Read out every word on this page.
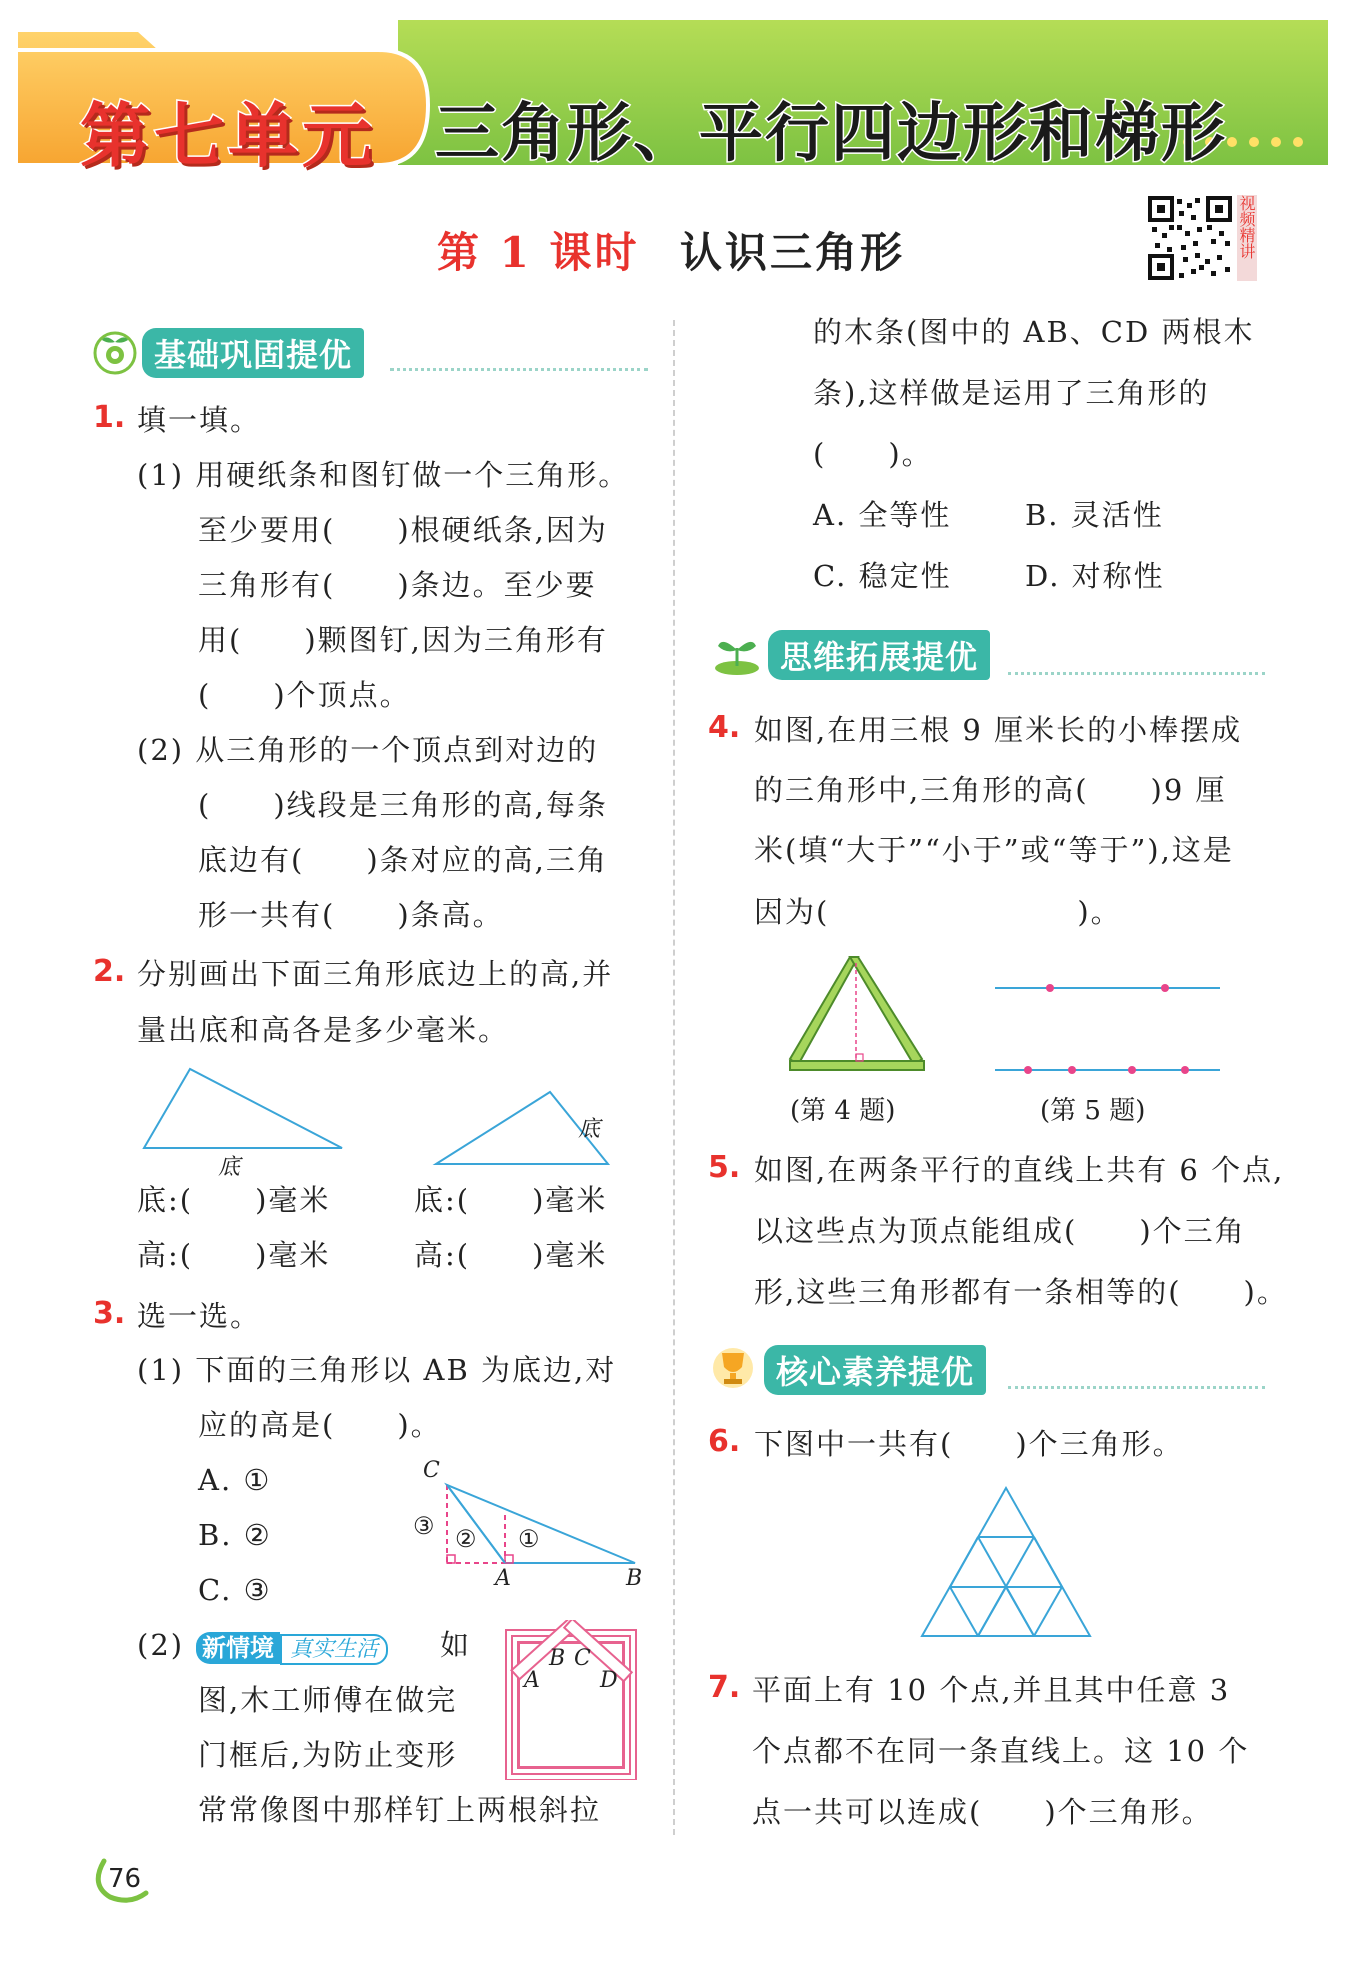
第七单元 三角形、平行四边形和梯形
第 1 课时 认识三角形	视频精讲
基础巩固提优
1. 填一填。
(1) 用硬纸条和图钉做一个三角形。
至少要用(　　)根硬纸条,因为
三角形有(　　)条边。至少要
用(　　)颗图钉,因为三角形有
(　　)个顶点。
(2) 从三角形的一个顶点到对边的
(　　)线段是三角形的高,每条
底边有(　　)条对应的高,三角
形一共有(　　)条高。
2. 分别画出下面三角形底边上的高,并
量出底和高各是多少毫米。
底
底
底:(　　)毫米	底:(　　)毫米
高:(　　)毫米	高:(　　)毫米
3. 选一选。
(1) 下面的三角形以 AB 为底边,对
应的高是(　　)。
A. ①
B. ②
C. ③
C
A	B
③ ② ①
(2) 新情境 真实生活	如
图,木工师傅在做完
门框后,为防止变形
常常像图中那样钉上两根斜拉
A
B C
D
76
的木条(图中的 AB、CD 两根木
条),这样做是运用了三角形的
(　　)。
A. 全等性	B. 灵活性
C. 稳定性	D. 对称性
思维拓展提优
4. 如图,在用三根 9 厘米长的小棒摆成
的三角形中,三角形的高(　　)9 厘
米(填“大于”“小于”或“等于”),这是
因为(　　　　　　　　)。
(第 4 题)	(第 5 题)
5. 如图,在两条平行的直线上共有 6 个点,
以这些点为顶点能组成(　　)个三角
形,这些三角形都有一条相等的(　　)。
核心素养提优
6. 下图中一共有(　　)个三角形。
7. 平面上有 10 个点,并且其中任意 3
个点都不在同一条直线上。这 10 个
点一共可以连成(　　)个三角形。
